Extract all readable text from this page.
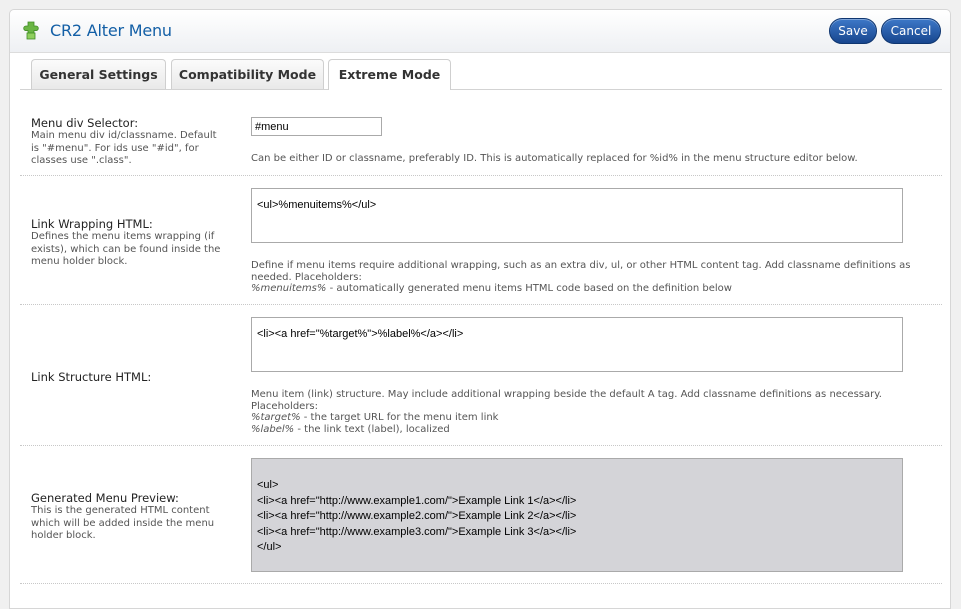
CR2 Alter Menu	Save	Cancel
General Settings	Compatibility Mode	Extreme Mode
Menu div Selector:
Main menu div id/classname. Default is "#menu". For ids use "#id", for classes use ".class".
#menu
Can be either ID or classname, preferably ID. This is automatically replaced for %id% in the menu structure editor below.
Link Wrapping HTML:
Defines the menu items wrapping (if exists), which can be found inside the menu holder block.
<ul>%menuitems%</ul>
Define if menu items require additional wrapping, such as an extra div, ul, or other HTML content tag. Add classname definitions as needed. Placeholders:
%menuitems% - automatically generated menu items HTML code based on the definition below
Link Structure HTML:
<li><a href="%target%">%label%</a></li>
Menu item (link) structure. May include additional wrapping beside the default A tag. Add classname definitions as necessary. Placeholders:
%target% - the target URL for the menu item link
%label% - the link text (label), localized
Generated Menu Preview:
This is the generated HTML content which will be added inside the menu holder block.
<ul>
<li><a href="http://www.example1.com/">Example Link 1</a></li>
<li><a href="http://www.example2.com/">Example Link 2</a></li>
<li><a href="http://www.example3.com/">Example Link 3</a></li>
</ul>
